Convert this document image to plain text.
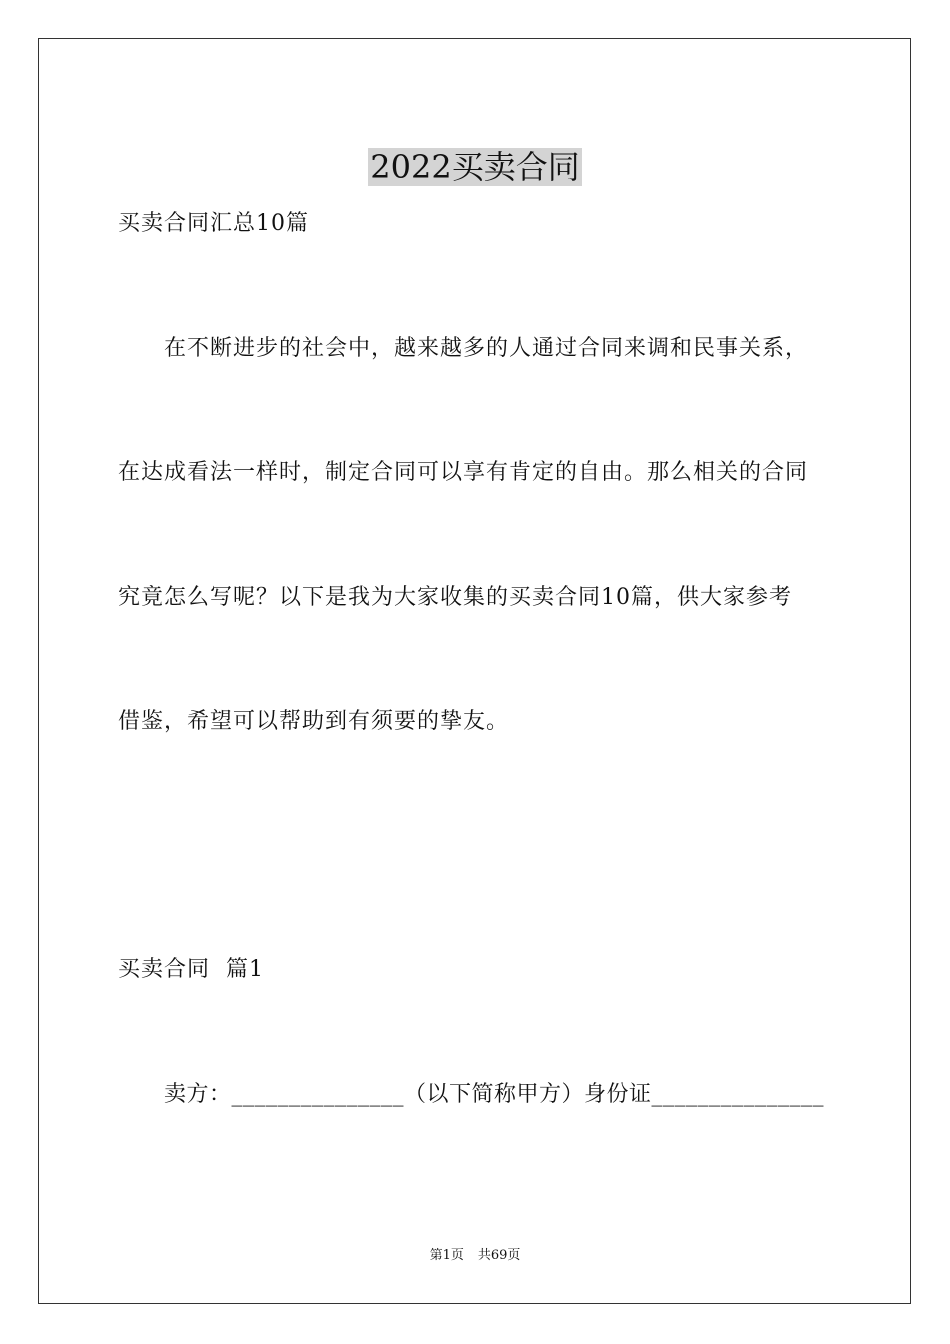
2022买卖合同
买卖合同汇总10篇
在不断进步的社会中，越来越多的人通过合同来调和民事关系，
在达成看法一样时，制定合同可以享有肯定的自由。那么相关的合同
究竟怎么写呢？以下是我为大家收集的买卖合同10篇，供大家参考
借鉴，希望可以帮助到有须要的挚友。
买卖合同  篇1
卖方：_______________（以下简称甲方）身份证_______________
第1页 共69页
